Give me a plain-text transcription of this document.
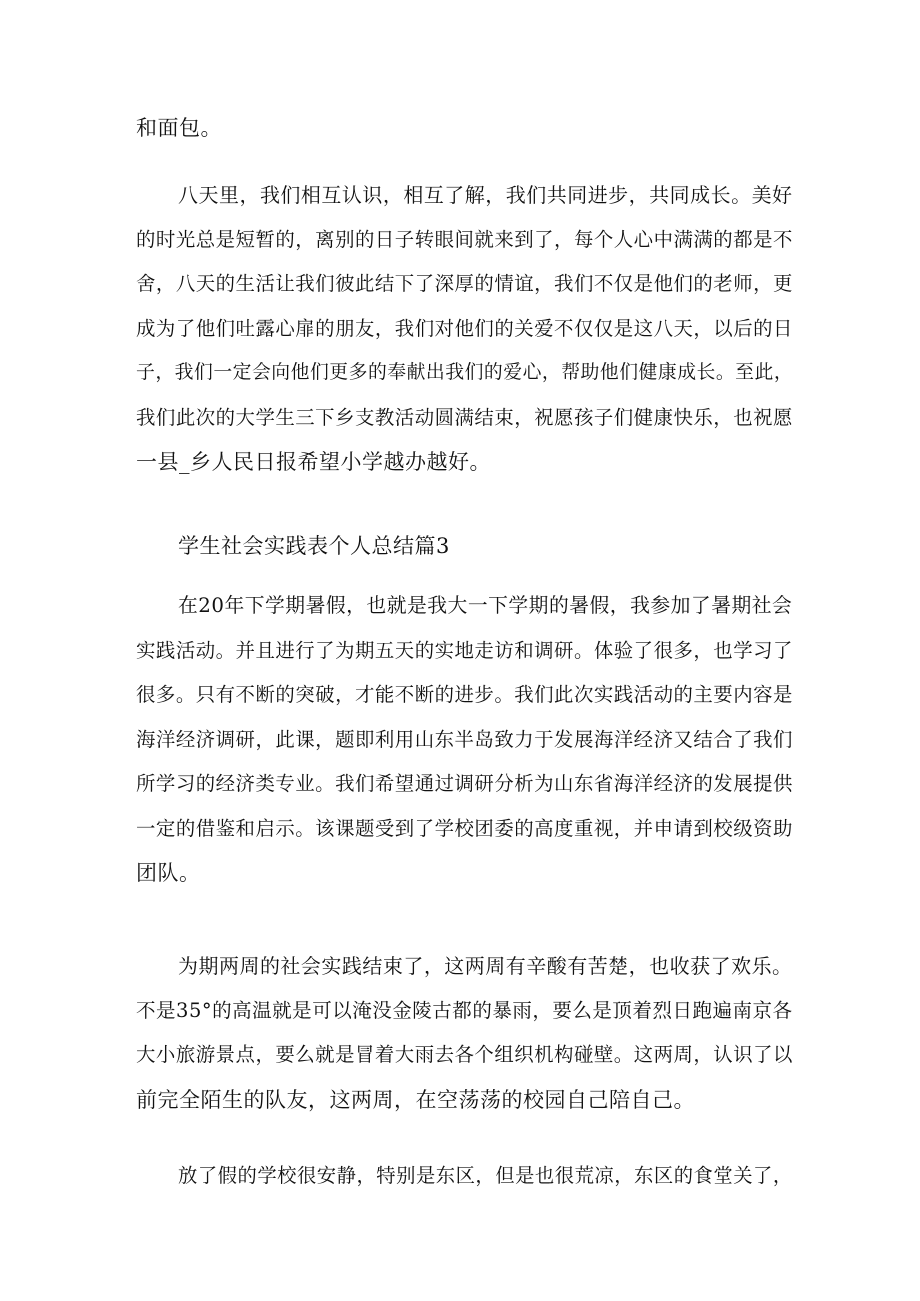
和面包。
八天里，我们相互认识，相互了解，我们共同进步，共同成长。美好
的时光总是短暂的，离别的日子转眼间就来到了，每个人心中满满的都是不
舍，八天的生活让我们彼此结下了深厚的情谊，我们不仅是他们的老师，更
成为了他们吐露心扉的朋友，我们对他们的关爱不仅仅是这八天，以后的日
子，我们一定会向他们更多的奉献出我们的爱心，帮助他们健康成长。至此，
我们此次的大学生三下乡支教活动圆满结束，祝愿孩子们健康快乐，也祝愿
一县_乡人民日报希望小学越办越好。

学生社会实践表个人总结篇3

在20年下学期暑假，也就是我大一下学期的暑假，我参加了暑期社会
实践活动。并且进行了为期五天的实地走访和调研。体验了很多，也学习了
很多。只有不断的突破，才能不断的进步。我们此次实践活动的主要内容是
海洋经济调研，此课，题即利用山东半岛致力于发展海洋经济又结合了我们
所学习的经济类专业。我们希望通过调研分析为山东省海洋经济的发展提供
一定的借鉴和启示。该课题受到了学校团委的高度重视，并申请到校级资助
团队。
为期两周的社会实践结束了，这两周有辛酸有苦楚，也收获了欢乐。
不是35°的高温就是可以淹没金陵古都的暴雨，要么是顶着烈日跑遍南京各
大小旅游景点，要么就是冒着大雨去各个组织机构碰壁。这两周，认识了以
前完全陌生的队友，这两周，在空荡荡的校园自己陪自己。
放了假的学校很安静，特别是东区，但是也很荒凉，东区的食堂关了，
